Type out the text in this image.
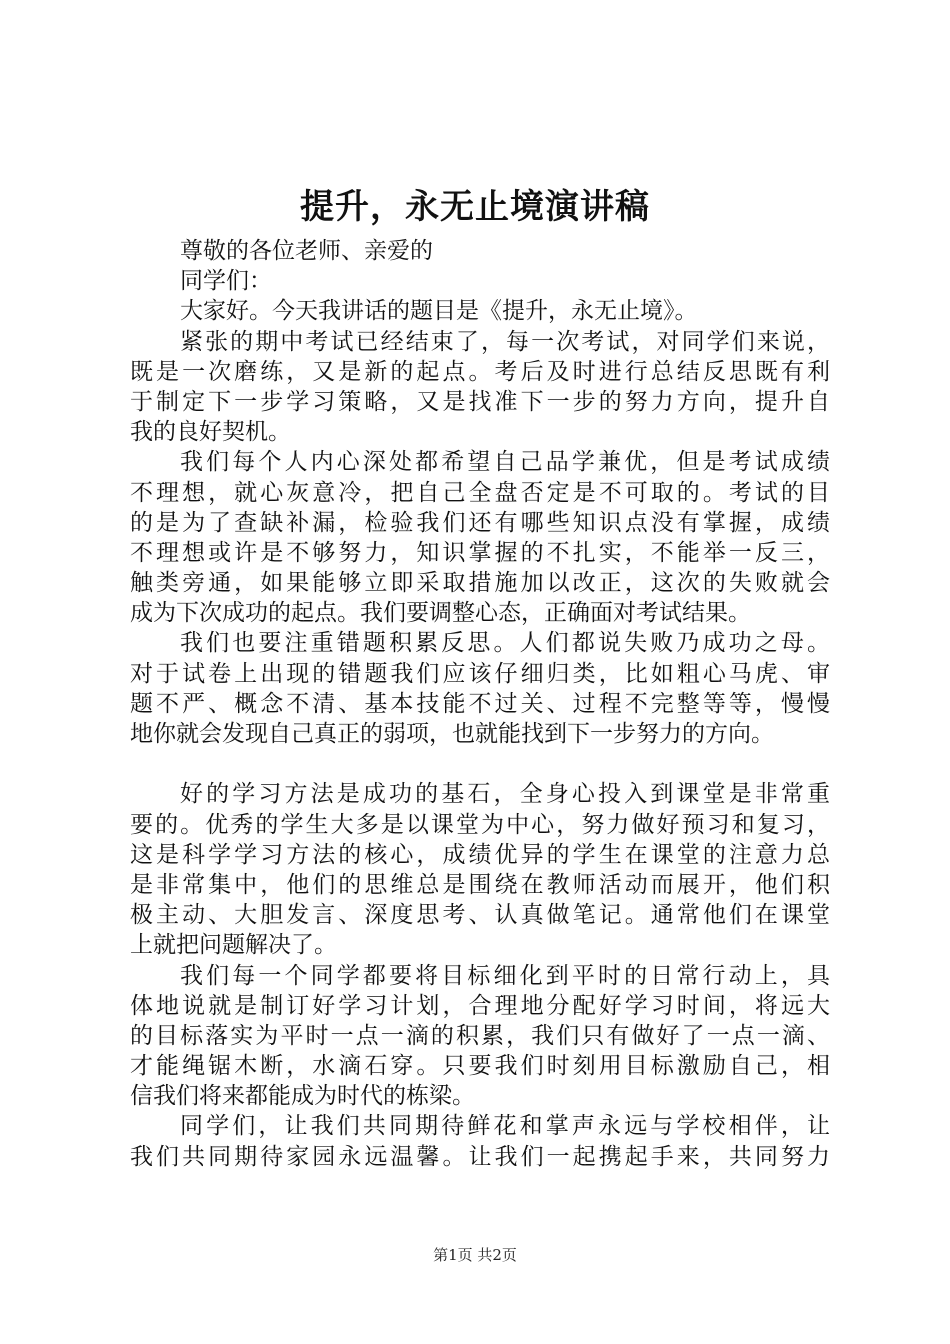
提升，永无止境演讲稿
尊敬的各位老师、亲爱的
同学们：
大家好。今天我讲话的题目是《提升，永无止境》。
紧张的期中考试已经结束了，每一次考试，对同学们来说，
既是一次磨练，又是新的起点。考后及时进行总结反思既有利
于制定下一步学习策略，又是找准下一步的努力方向，提升自
我的良好契机。
我们每个人内心深处都希望自己品学兼优，但是考试成绩
不理想，就心灰意冷，把自己全盘否定是不可取的。考试的目
的是为了查缺补漏，检验我们还有哪些知识点没有掌握，成绩
不理想或许是不够努力，知识掌握的不扎实，不能举一反三，
触类旁通，如果能够立即采取措施加以改正，这次的失败就会
成为下次成功的起点。我们要调整心态，正确面对考试结果。
我们也要注重错题积累反思。人们都说失败乃成功之母。
对于试卷上出现的错题我们应该仔细归类，比如粗心马虎、审
题不严、概念不清、基本技能不过关、过程不完整等等，慢慢
地你就会发现自己真正的弱项，也就能找到下一步努力的方向。
好的学习方法是成功的基石，全身心投入到课堂是非常重
要的。优秀的学生大多是以课堂为中心，努力做好预习和复习，
这是科学学习方法的核心，成绩优异的学生在课堂的注意力总
是非常集中，他们的思维总是围绕在教师活动而展开，他们积
极主动、大胆发言、深度思考、认真做笔记。通常他们在课堂
上就把问题解决了。
我们每一个同学都要将目标细化到平时的日常行动上，具
体地说就是制订好学习计划，合理地分配好学习时间，将远大
的目标落实为平时一点一滴的积累，我们只有做好了一点一滴、
才能绳锯木断，水滴石穿。只要我们时刻用目标激励自己，相
信我们将来都能成为时代的栋梁。
同学们，让我们共同期待鲜花和掌声永远与学校相伴，让
我们共同期待家园永远温馨。让我们一起携起手来，共同努力
第1页 共2页
